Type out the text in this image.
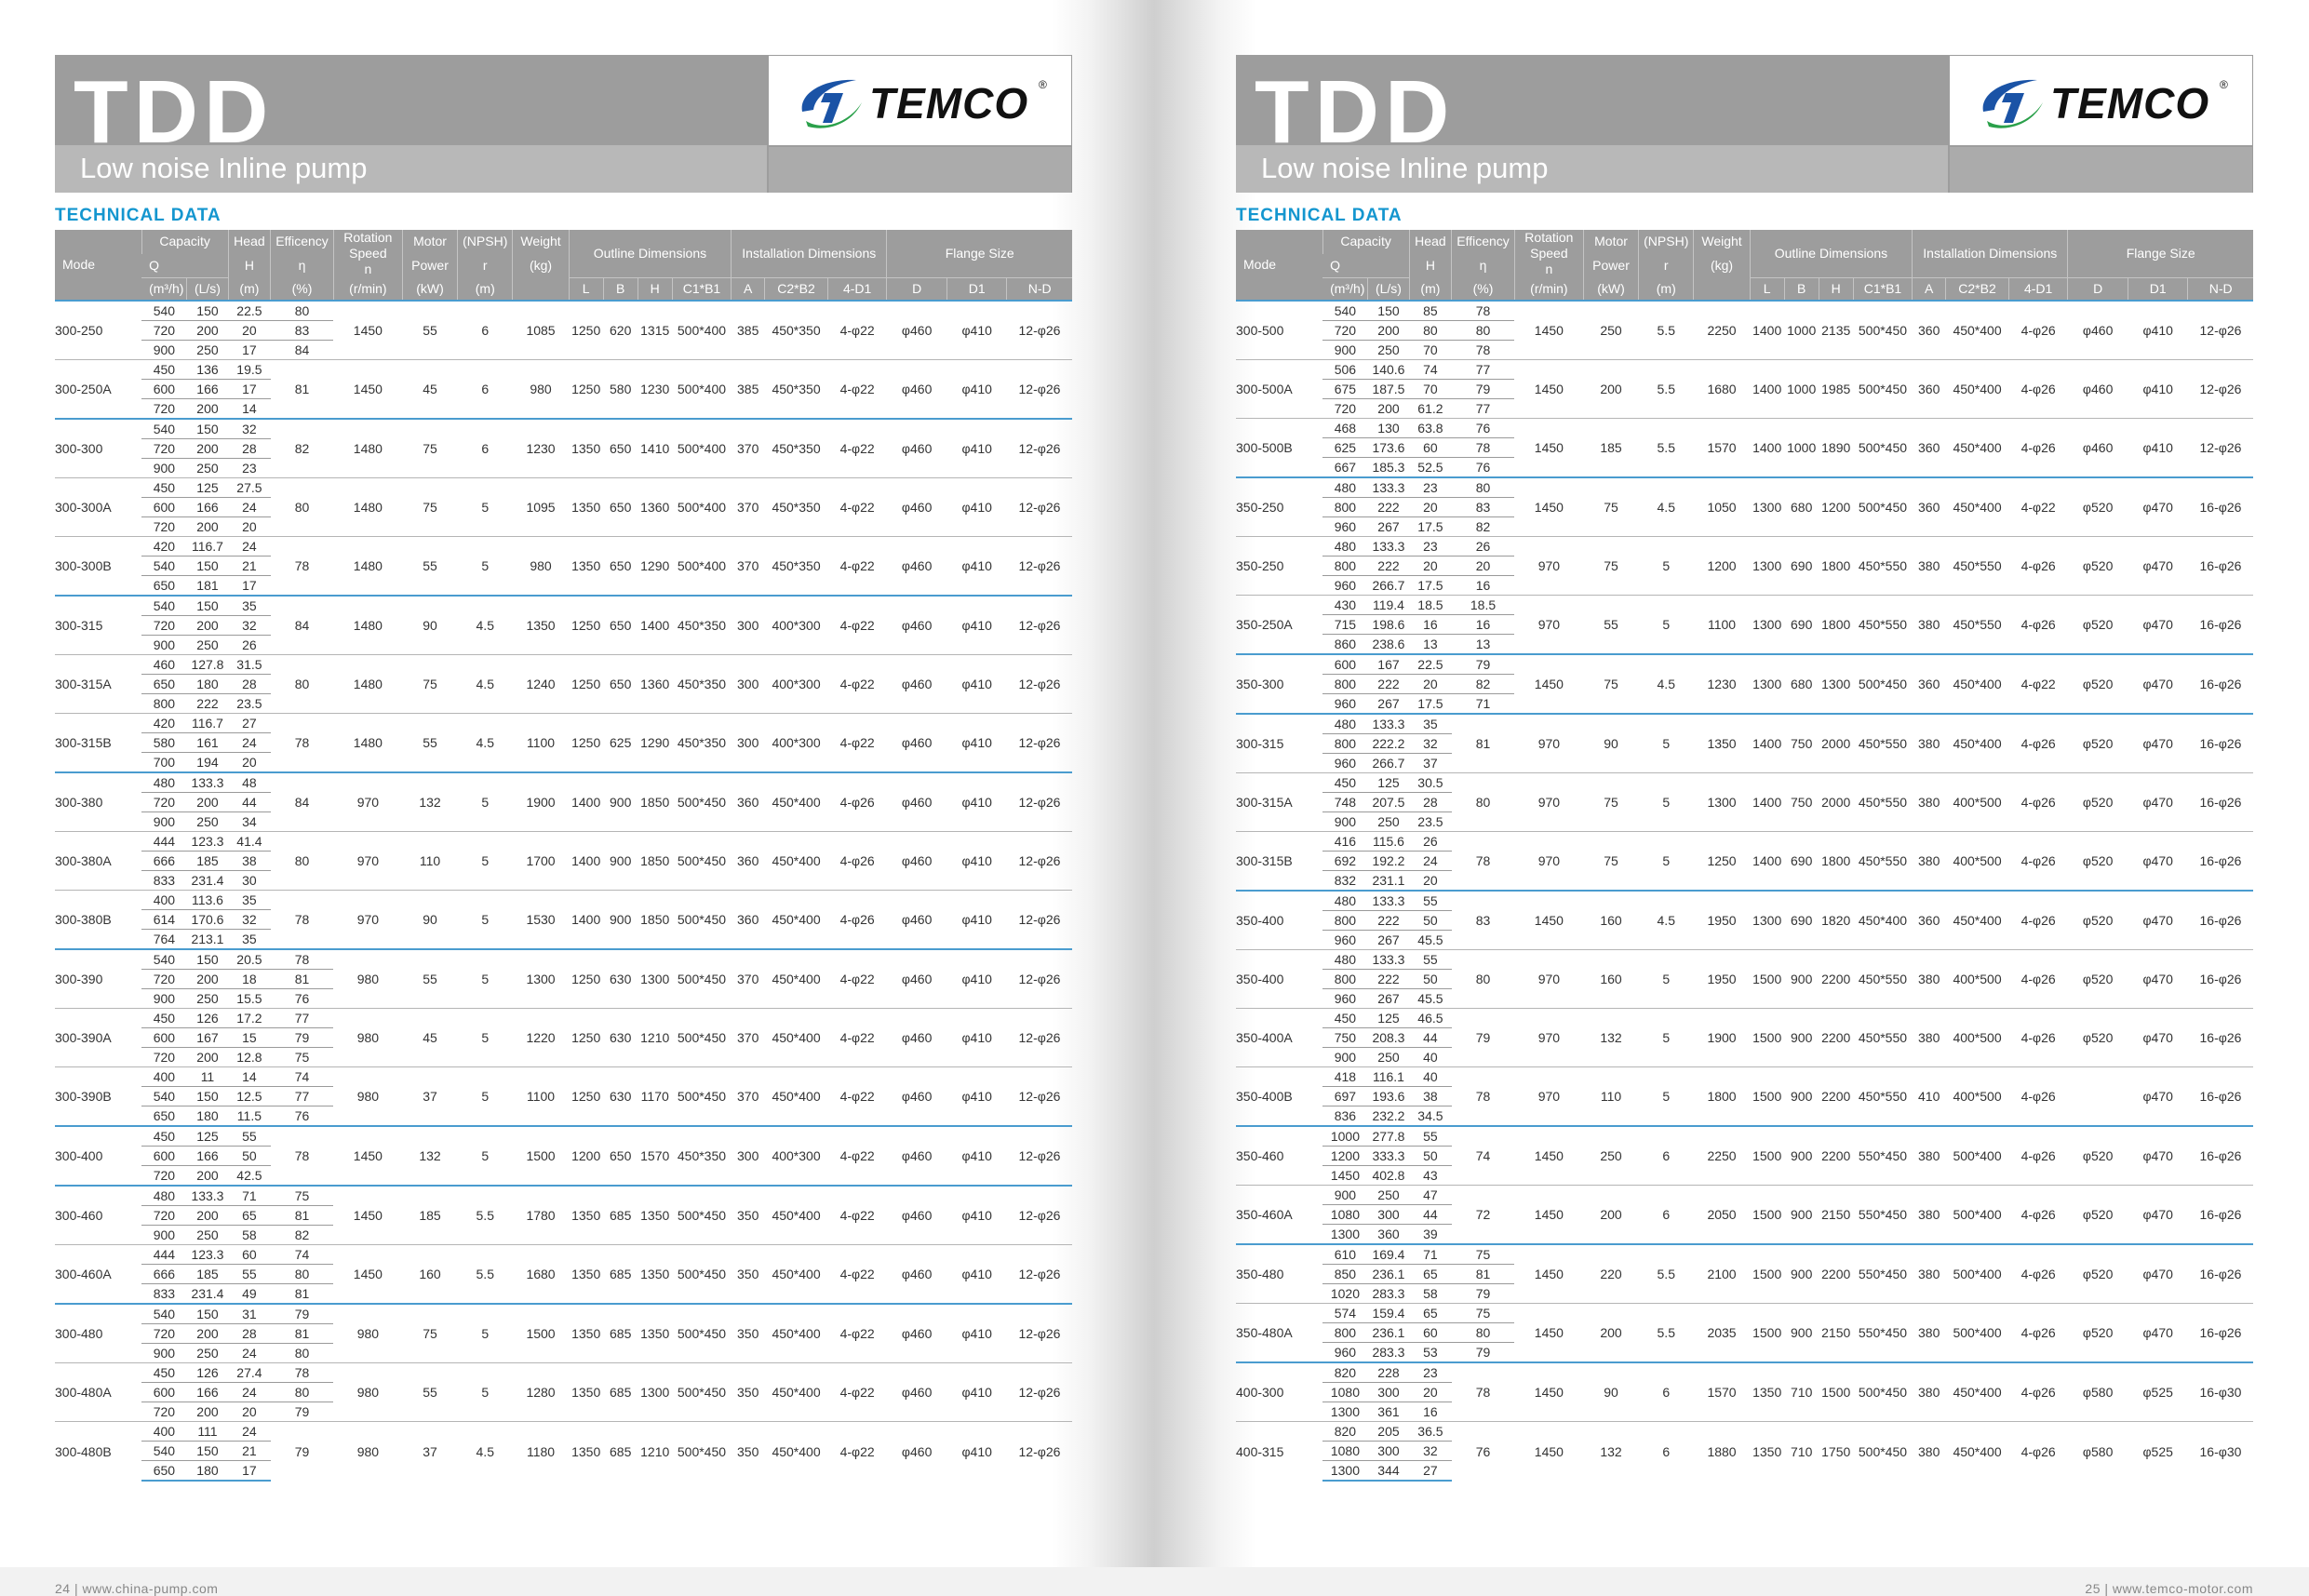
TDD
Low noise Inline pump
TEMCO ®
TECHNICAL DATA
Mode	Capacity		Head	Efficency	Rotation Speed
n	Motor	(NPSH)	Weight	Outline Dimensions				Installation Dimensions			Flange Size		
	Q		H	η		Power	r	(kg)										
	(m³/h)	(L/s)	(m)	(%)	(r/min)	(kW)	(m)		L	B	H	C1*B1	A	C2*B2	4-D1	D	D1	N-D
300-250	540	150	22.5	80	1450	55	6	1085	1250	620	1315	500*400	385	450*350	4-φ22	φ460	φ410	12-φ26
	720	200	20	83														
	900	250	17	84														
300-250A	450	136	19.5	81	1450	45	6	980	1250	580	1230	500*400	385	450*350	4-φ22	φ460	φ410	12-φ26
	600	166	17															
	720	200	14															
300-300	540	150	32	82	1480	75	6	1230	1350	650	1410	500*400	370	450*350	4-φ22	φ460	φ410	12-φ26
	720	200	28															
	900	250	23															
300-300A	450	125	27.5	80	1480	75	5	1095	1350	650	1360	500*400	370	450*350	4-φ22	φ460	φ410	12-φ26
	600	166	24															
	720	200	20															
300-300B	420	116.7	24	78	1480	55	5	980	1350	650	1290	500*400	370	450*350	4-φ22	φ460	φ410	12-φ26
	540	150	21															
	650	181	17															
300-315	540	150	35	84	1480	90	4.5	1350	1250	650	1400	450*350	300	400*300	4-φ22	φ460	φ410	12-φ26
	720	200	32															
	900	250	26															
300-315A	460	127.8	31.5	80	1480	75	4.5	1240	1250	650	1360	450*350	300	400*300	4-φ22	φ460	φ410	12-φ26
	650	180	28															
	800	222	23.5															
300-315B	420	116.7	27	78	1480	55	4.5	1100	1250	625	1290	450*350	300	400*300	4-φ22	φ460	φ410	12-φ26
	580	161	24															
	700	194	20															
300-380	480	133.3	48	84	970	132	5	1900	1400	900	1850	500*450	360	450*400	4-φ26	φ460	φ410	12-φ26
	720	200	44															
	900	250	34															
300-380A	444	123.3	41.4	80	970	110	5	1700	1400	900	1850	500*450	360	450*400	4-φ26	φ460	φ410	12-φ26
	666	185	38															
	833	231.4	30															
300-380B	400	113.6	35	78	970	90	5	1530	1400	900	1850	500*450	360	450*400	4-φ26	φ460	φ410	12-φ26
	614	170.6	32															
	764	213.1	35															
300-390	540	150	20.5	78	980	55	5	1300	1250	630	1300	500*450	370	450*400	4-φ22	φ460	φ410	12-φ26
	720	200	18	81														
	900	250	15.5	76														
300-390A	450	126	17.2	77	980	45	5	1220	1250	630	1210	500*450	370	450*400	4-φ22	φ460	φ410	12-φ26
	600	167	15	79														
	720	200	12.8	75														
300-390B	400	11	14	74	980	37	5	1100	1250	630	1170	500*450	370	450*400	4-φ22	φ460	φ410	12-φ26
	540	150	12.5	77														
	650	180	11.5	76														
300-400	450	125	55	78	1450	132	5	1500	1200	650	1570	450*350	300	400*300	4-φ22	φ460	φ410	12-φ26
	600	166	50															
	720	200	42.5															
300-460	480	133.3	71	75	1450	185	5.5	1780	1350	685	1350	500*450	350	450*400	4-φ22	φ460	φ410	12-φ26
	720	200	65	81														
	900	250	58	82														
300-460A	444	123.3	60	74	1450	160	5.5	1680	1350	685	1350	500*450	350	450*400	4-φ22	φ460	φ410	12-φ26
	666	185	55	80														
	833	231.4	49	81														
300-480	540	150	31	79	980	75	5	1500	1350	685	1350	500*450	350	450*400	4-φ22	φ460	φ410	12-φ26
	720	200	28	81														
	900	250	24	80														
300-480A	450	126	27.4	78	980	55	5	1280	1350	685	1300	500*450	350	450*400	4-φ22	φ460	φ410	12-φ26
	600	166	24	80														
	720	200	20	79														
300-480B	400	111	24	79	980	37	4.5	1180	1350	685	1210	500*450	350	450*400	4-φ22	φ460	φ410	12-φ26
	540	150	21															
	650	180	17															
24 | www.china-pump.com
TDD
Low noise Inline pump
TEMCO ®
TECHNICAL DATA
Mode	Capacity		Head	Efficency	Rotation Speed
n	Motor	(NPSH)	Weight	Outline Dimensions				Installation Dimensions			Flange Size		
	Q		H	η		Power	r	(kg)										
	(m³/h)	(L/s)	(m)	(%)	(r/min)	(kW)	(m)		L	B	H	C1*B1	A	C2*B2	4-D1	D	D1	N-D
300-500	540	150	85	78	1450	250	5.5	2250	1400	1000	2135	500*450	360	450*400	4-φ26	φ460	φ410	12-φ26
	720	200	80	80														
	900	250	70	78														
300-500A	506	140.6	74	77	1450	200	5.5	1680	1400	1000	1985	500*450	360	450*400	4-φ26	φ460	φ410	12-φ26
	675	187.5	70	79														
	720	200	61.2	77														
300-500B	468	130	63.8	76	1450	185	5.5	1570	1400	1000	1890	500*450	360	450*400	4-φ26	φ460	φ410	12-φ26
	625	173.6	60	78														
	667	185.3	52.5	76														
350-250	480	133.3	23	80	1450	75	4.5	1050	1300	680	1200	500*450	360	450*400	4-φ22	φ520	φ470	16-φ26
	800	222	20	83														
	960	267	17.5	82														
350-250	480	133.3	23	26	970	75	5	1200	1300	690	1800	450*550	380	450*550	4-φ26	φ520	φ470	16-φ26
	800	222	20	20														
	960	266.7	17.5	16														
350-250A	430	119.4	18.5	18.5	970	55	5	1100	1300	690	1800	450*550	380	450*550	4-φ26	φ520	φ470	16-φ26
	715	198.6	16	16														
	860	238.6	13	13														
350-300	600	167	22.5	79	1450	75	4.5	1230	1300	680	1300	500*450	360	450*400	4-φ22	φ520	φ470	16-φ26
	800	222	20	82														
	960	267	17.5	71														
300-315	480	133.3	35	81	970	90	5	1350	1400	750	2000	450*550	380	450*400	4-φ26	φ520	φ470	16-φ26
	800	222.2	32															
	960	266.7	37															
300-315A	450	125	30.5	80	970	75	5	1300	1400	750	2000	450*550	380	400*500	4-φ26	φ520	φ470	16-φ26
	748	207.5	28															
	900	250	23.5															
300-315B	416	115.6	26	78	970	75	5	1250	1400	690	1800	450*550	380	400*500	4-φ26	φ520	φ470	16-φ26
	692	192.2	24															
	832	231.1	20															
350-400	480	133.3	55	83	1450	160	4.5	1950	1300	690	1820	450*400	360	450*400	4-φ26	φ520	φ470	16-φ26
	800	222	50															
	960	267	45.5															
350-400	480	133.3	55	80	970	160	5	1950	1500	900	2200	450*550	380	400*500	4-φ26	φ520	φ470	16-φ26
	800	222	50															
	960	267	45.5															
350-400A	450	125	46.5	79	970	132	5	1900	1500	900	2200	450*550	380	400*500	4-φ26	φ520	φ470	16-φ26
	750	208.3	44															
	900	250	40															
350-400B	418	116.1	40	78	970	110	5	1800	1500	900	2200	450*550	410	400*500	4-φ26		φ470	16-φ26
	697	193.6	38															
	836	232.2	34.5															
350-460	1000	277.8	55	74	1450	250	6	2250	1500	900	2200	550*450	380	500*400	4-φ26	φ520	φ470	16-φ26
	1200	333.3	50															
	1450	402.8	43															
350-460A	900	250	47	72	1450	200	6	2050	1500	900	2150	550*450	380	500*400	4-φ26	φ520	φ470	16-φ26
	1080	300	44															
	1300	360	39															
350-480	610	169.4	71	75	1450	220	5.5	2100	1500	900	2200	550*450	380	500*400	4-φ26	φ520	φ470	16-φ26
	850	236.1	65	81														
	1020	283.3	58	79														
350-480A	574	159.4	65	75	1450	200	5.5	2035	1500	900	2150	550*450	380	500*400	4-φ26	φ520	φ470	16-φ26
	800	236.1	60	80														
	960	283.3	53	79														
400-300	820	228	23	78	1450	90	6	1570	1350	710	1500	500*450	380	450*400	4-φ26	φ580	φ525	16-φ30
	1080	300	20															
	1300	361	16															
400-315	820	205	36.5	76	1450	132	6	1880	1350	710	1750	500*450	380	450*400	4-φ26	φ580	φ525	16-φ30
	1080	300	32															
	1300	344	27															
25 | www.temco-motor.com
